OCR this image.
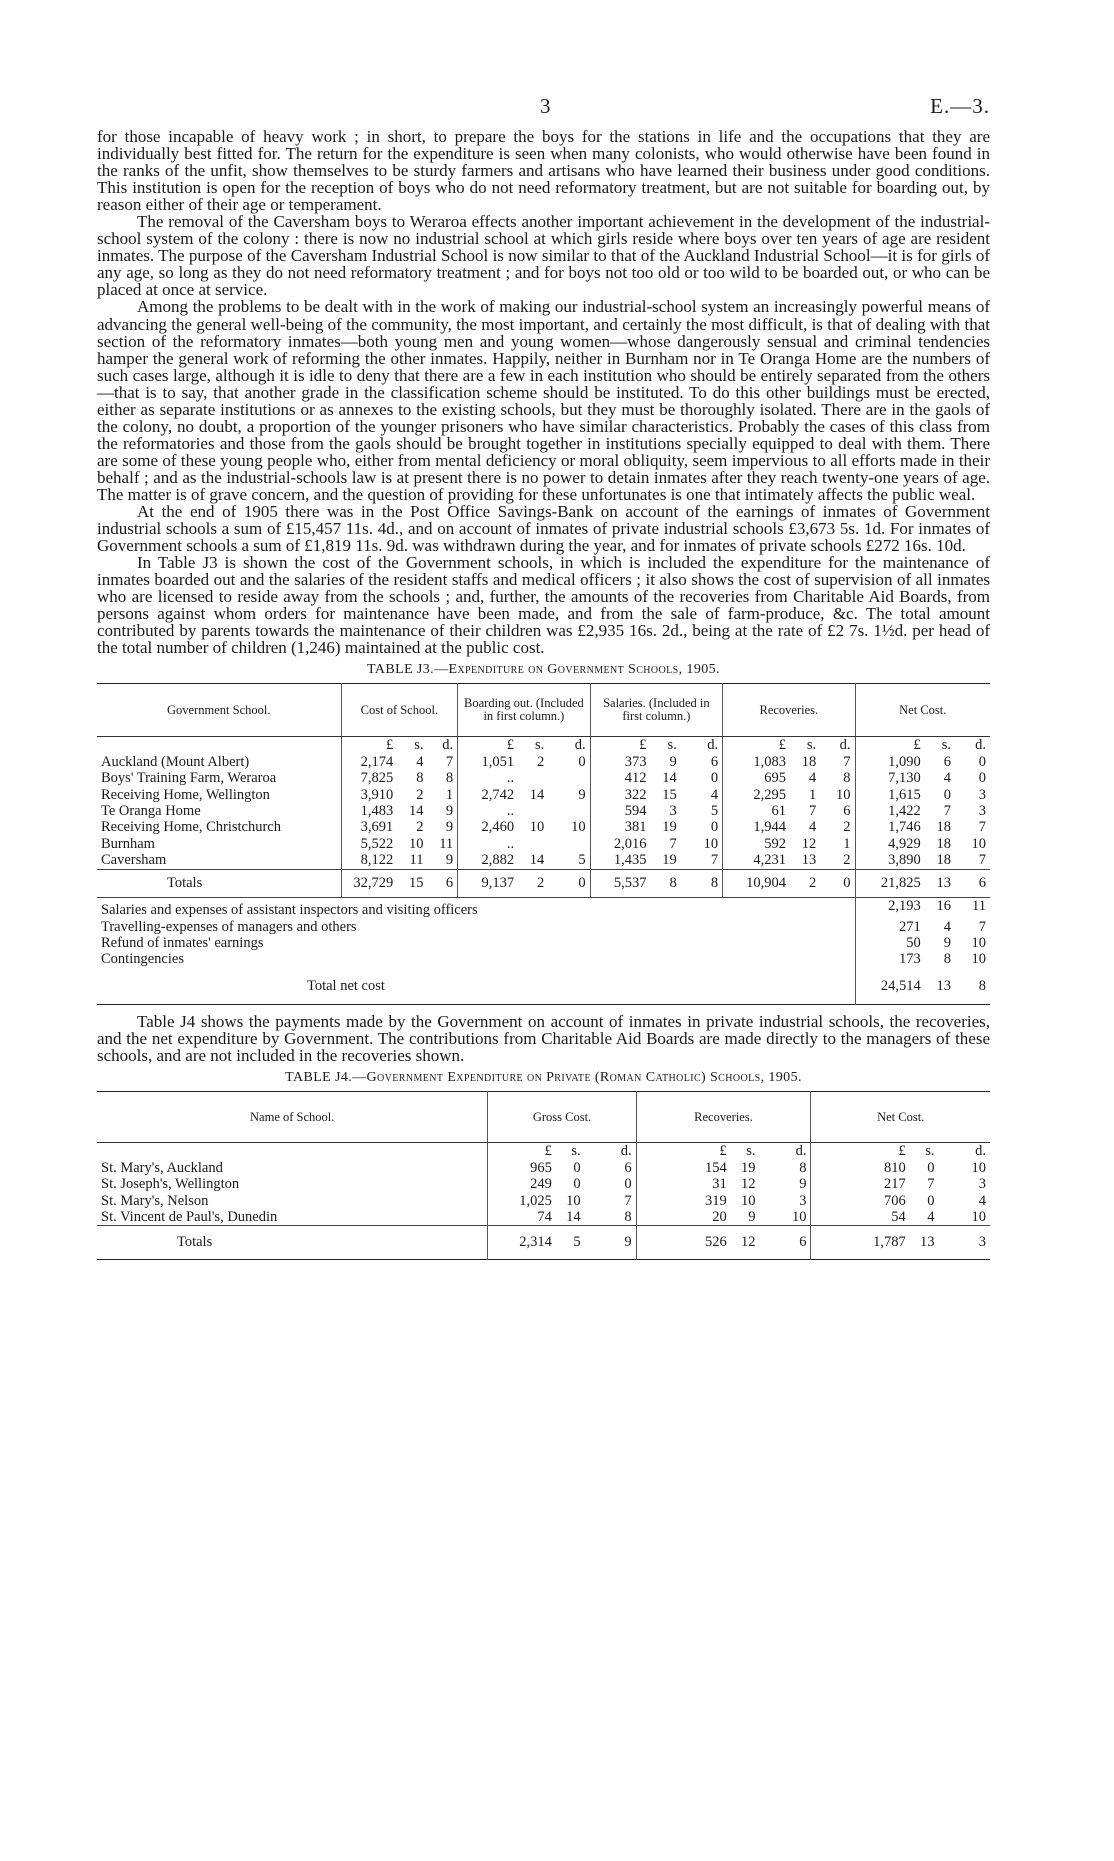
3	E.—3.

for those incapable of heavy work ; in short, to prepare the boys for the stations in life and the occupations that they are individually best fitted for. The return for the expenditure is seen when many colonists, who would otherwise have been found in the ranks of the unfit, show themselves to be sturdy farmers and artisans who have learned their business under good conditions. This institution is open for the reception of boys who do not need reformatory treatment, but are not suitable for boarding out, by reason either of their age or temperament.

The removal of the Caversham boys to Weraroa effects another important achievement in the development of the industrial-school system of the colony : there is now no industrial school at which girls reside where boys over ten years of age are resident inmates. The purpose of the Caversham Industrial School is now similar to that of the Auckland Industrial School—it is for girls of any age, so long as they do not need reformatory treatment ; and for boys not too old or too wild to be boarded out, or who can be placed at once at service.

Among the problems to be dealt with in the work of making our industrial-school system an increasingly powerful means of advancing the general well-being of the community, the most important, and certainly the most difficult, is that of dealing with that section of the reformatory inmates—both young men and young women—whose dangerously sensual and criminal tendencies hamper the general work of reforming the other inmates. Happily, neither in Burnham nor in Te Oranga Home are the numbers of such cases large, although it is idle to deny that there are a few in each institution who should be entirely separated from the others—that is to say, that another grade in the classification scheme should be instituted. To do this other buildings must be erected, either as separate institutions or as annexes to the existing schools, but they must be thoroughly isolated. There are in the gaols of the colony, no doubt, a proportion of the younger prisoners who have similar characteristics. Probably the cases of this class from the reformatories and those from the gaols should be brought together in institutions specially equipped to deal with them. There are some of these young people who, either from mental deficiency or moral obliquity, seem impervious to all efforts made in their behalf ; and as the industrial-schools law is at present there is no power to detain inmates after they reach twenty-one years of age. The matter is of grave concern, and the question of providing for these unfortunates is one that intimately affects the public weal.

At the end of 1905 there was in the Post Office Savings-Bank on account of the earnings of inmates of Government industrial schools a sum of £15,457 11s. 4d., and on account of inmates of private industrial schools £3,673 5s. 1d. For inmates of Government schools a sum of £1,819 11s. 9d. was withdrawn during the year, and for inmates of private schools £272 16s. 10d.

In Table J3 is shown the cost of the Government schools, in which is included the expenditure for the maintenance of inmates boarded out and the salaries of the resident staffs and medical officers ; it also shows the cost of supervision of all inmates who are licensed to reside away from the schools ; and, further, the amounts of the recoveries from Charitable Aid Boards, from persons against whom orders for maintenance have been made, and from the sale of farm-produce, &c. The total amount contributed by parents towards the maintenance of their children was £2,935 16s. 2d., being at the rate of £2 7s. 1½d. per head of the total number of children (1,246) maintained at the public cost.

TABLE J3.—Expenditure on Government Schools, 1905.
Government School.	Cost of School.			Boarding out. (Included in first column.)			Salaries. (Included in first column.)			Recoveries.			Net Cost.		
	£	s.	d.	£	s.	d.	£	s.	d.	£	s.	d.	£	s.	d.
Auckland (Mount Albert)	2,174	4	7	1,051	2	0	373	9	6	1,083	18	7	1,090	6	0
Boys' Training Farm, Weraroa	7,825	8	8	..			412	14	0	695	4	8	7,130	4	0
Receiving Home, Wellington	3,910	2	1	2,742	14	9	322	15	4	2,295	1	10	1,615	0	3
Te Oranga Home	1,483	14	9	..			594	3	5	61	7	6	1,422	7	3
Receiving Home, Christchurch	3,691	2	9	2,460	10	10	381	19	0	1,944	4	2	1,746	18	7
Burnham	5,522	10	11	..			2,016	7	10	592	12	1	4,929	18	10
Caversham	8,122	11	9	2,882	14	5	1,435	19	7	4,231	13	2	3,890	18	7
Totals	32,729	15	6	9,137	2	0	5,537	8	8	10,904	2	0	21,825	13	6
Salaries and expenses of assistant inspectors and visiting officers													2,193	16	11
Travelling-expenses of managers and others													271	4	7
Refund of inmates' earnings													50	9	10
Contingencies													173	8	10
Total net cost													24,514	13	8

Table J4 shows the payments made by the Government on account of inmates in private industrial schools, the recoveries, and the net expenditure by Government. The contributions from Charitable Aid Boards are made directly to the managers of these schools, and are not included in the recoveries shown.

TABLE J4.—Government Expenditure on Private (Roman Catholic) Schools, 1905.
Name of School.	Gross Cost.			Recoveries.			Net Cost.		
	£	s.	d.	£	s.	d.	£	s.	d.
St. Mary's, Auckland	965	0	6	154	19	8	810	0	10
St. Joseph's, Wellington	249	0	0	31	12	9	217	7	3
St. Mary's, Nelson	1,025	10	7	319	10	3	706	0	4
St. Vincent de Paul's, Dunedin	74	14	8	20	9	10	54	4	10
Totals	2,314	5	9	526	12	6	1,787	13	3
